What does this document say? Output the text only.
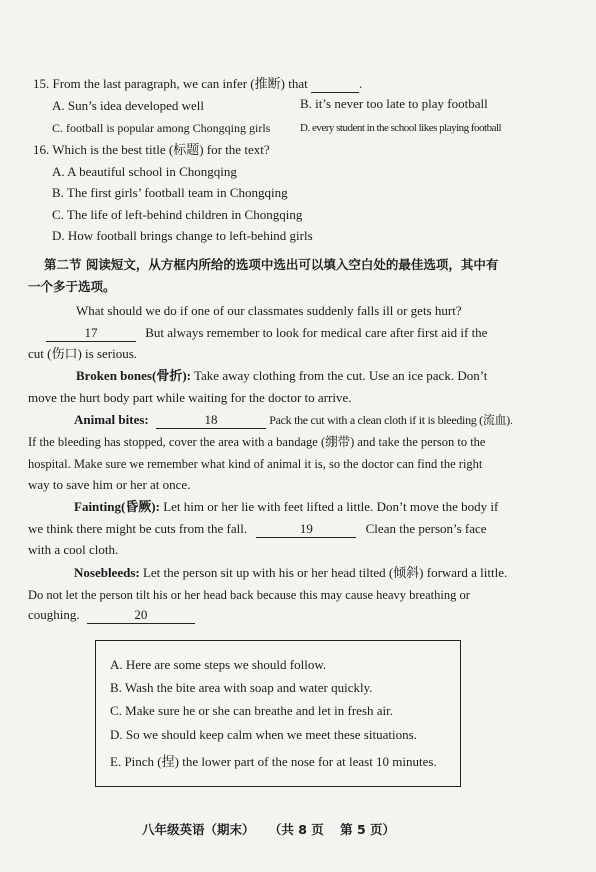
15. From the last paragraph, we can infer (推断) that	.
A. Sun’s idea developed well	B. it’s never too late to play football
C. football is popular among Chongqing girls	D. every student in the school likes playing football
16. Which is the best title (标题) for the text?
A. A beautiful school in Chongqing
B. The first girls’ football team in Chongqing
C. The life of left-behind children in Chongqing
D. How football brings change to left-behind girls
第二节 阅读短文，从方框内所给的选项中选出可以填入空白处的最佳选项，其中有
一个多于选项。
What should we do if one of our classmates suddenly falls ill or gets hurt?
17	But always remember to look for medical care after first aid if the
cut (伤口) is serious.
Broken bones(骨折): Take away clothing from the cut. Use an ice pack. Don’t
move the hurt body part while waiting for the doctor to arrive.
Animal bites:	18	Pack the cut with a clean cloth if it is bleeding (流血).
If the bleeding has stopped, cover the area with a bandage (绷带) and take the person to the
hospital. Make sure we remember what kind of animal it is, so the doctor can find the right
way to save him or her at once.
Fainting(昏厥): Let him or her lie with feet lifted a little. Don’t move the body if
we think there might be cuts from the fall.	19	Clean the person’s face
with a cool cloth.
Nosebleeds: Let the person sit up with his or her head tilted (倾斜) forward a little.
Do not let the person tilt his or her head back because this may cause heavy breathing or
coughing.	20
A. Here are some steps we should follow.
B. Wash the bite area with soap and water quickly.
C. Make sure he or she can breathe and let in fresh air.
D. So we should keep calm when we meet these situations.
E. Pinch (捏) the lower part of the nose for at least 10 minutes.
八年级英语（期末） （共 8 页 第 5 页）
